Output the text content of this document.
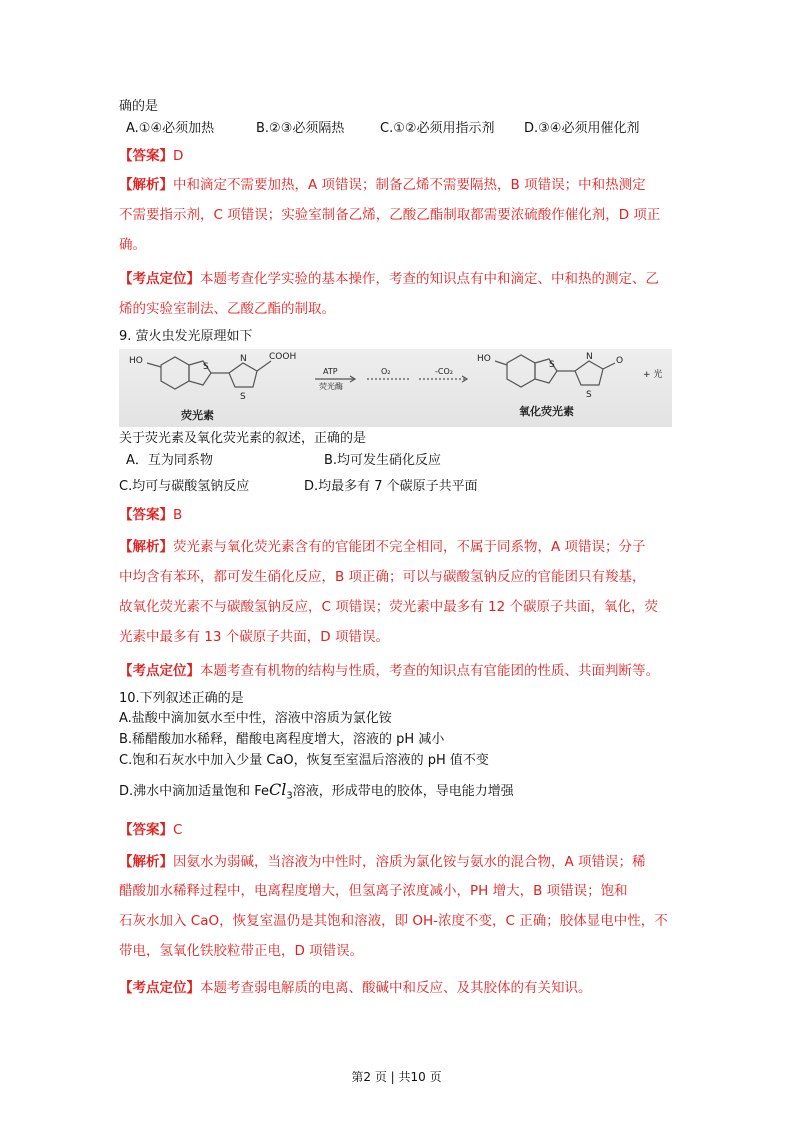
确的是
A.①④必须加热	B.②③必须隔热	C.①②必须用指示剂 D.③④必须用催化剂
【答案】D
【解析】中和滴定不需要加热，A 项错误；制备乙烯不需要隔热，B 项错误；中和热测定
不需要指示剂，C 项错误；实验室制备乙烯，乙酸乙酯制取都需要浓硫酸作催化剂，D 项正
确。
【考点定位】本题考查化学实验的基本操作，考查的知识点有中和滴定、中和热的测定、乙
烯的实验室制法、乙酸乙酯的制取。
9. 萤火虫发光原理如下
HO
S
N
S
COOH
ATP
荧光酶
O₂	-CO₂
HO
S
N
S
O
+ 光
荧光素	氧化荧光素
关于荧光素及氧化荧光素的叙述，正确的是
A．互为同系物	B.均可发生硝化反应
C.均可与碳酸氢钠反应	D.均最多有 7 个碳原子共平面
【答案】B
【解析】荧光素与氧化荧光素含有的官能团不完全相同，不属于同系物，A 项错误；分子
中均含有苯环，都可发生硝化反应，B 项正确；可以与碳酸氢钠反应的官能团只有羧基，
故氧化荧光素不与碳酸氢钠反应，C 项错误；荧光素中最多有 12 个碳原子共面，氧化，荧
光素中最多有 13 个碳原子共面，D 项错误。
【考点定位】本题考查有机物的结构与性质，考查的知识点有官能团的性质、共面判断等。
10.下列叙述正确的是
A.盐酸中滴加氨水至中性，溶液中溶质为氯化铵
B.稀醋酸加水稀释，醋酸电离程度增大，溶液的 pH 减小
C.饱和石灰水中加入少量 CaO，恢复至室温后溶液的 pH 值不变
D.沸水中滴加适量饱和 FeCl$_3$溶液，形成带电的胶体，导电能力增强
【答案】C
【解析】因氨水为弱碱，当溶液为中性时，溶质为氯化铵与氨水的混合物，A 项错误；稀
醋酸加水稀释过程中，电离程度增大，但氢离子浓度减小，PH 增大，B 项错误；饱和
石灰水加入 CaO，恢复室温仍是其饱和溶液，即 OH-浓度不变，C 正确；胶体显电中性，不
带电，氢氧化铁胶粒带正电，D 项错误。
【考点定位】本题考查弱电解质的电离、酸碱中和反应、及其胶体的有关知识。
第2 页 | 共10 页
